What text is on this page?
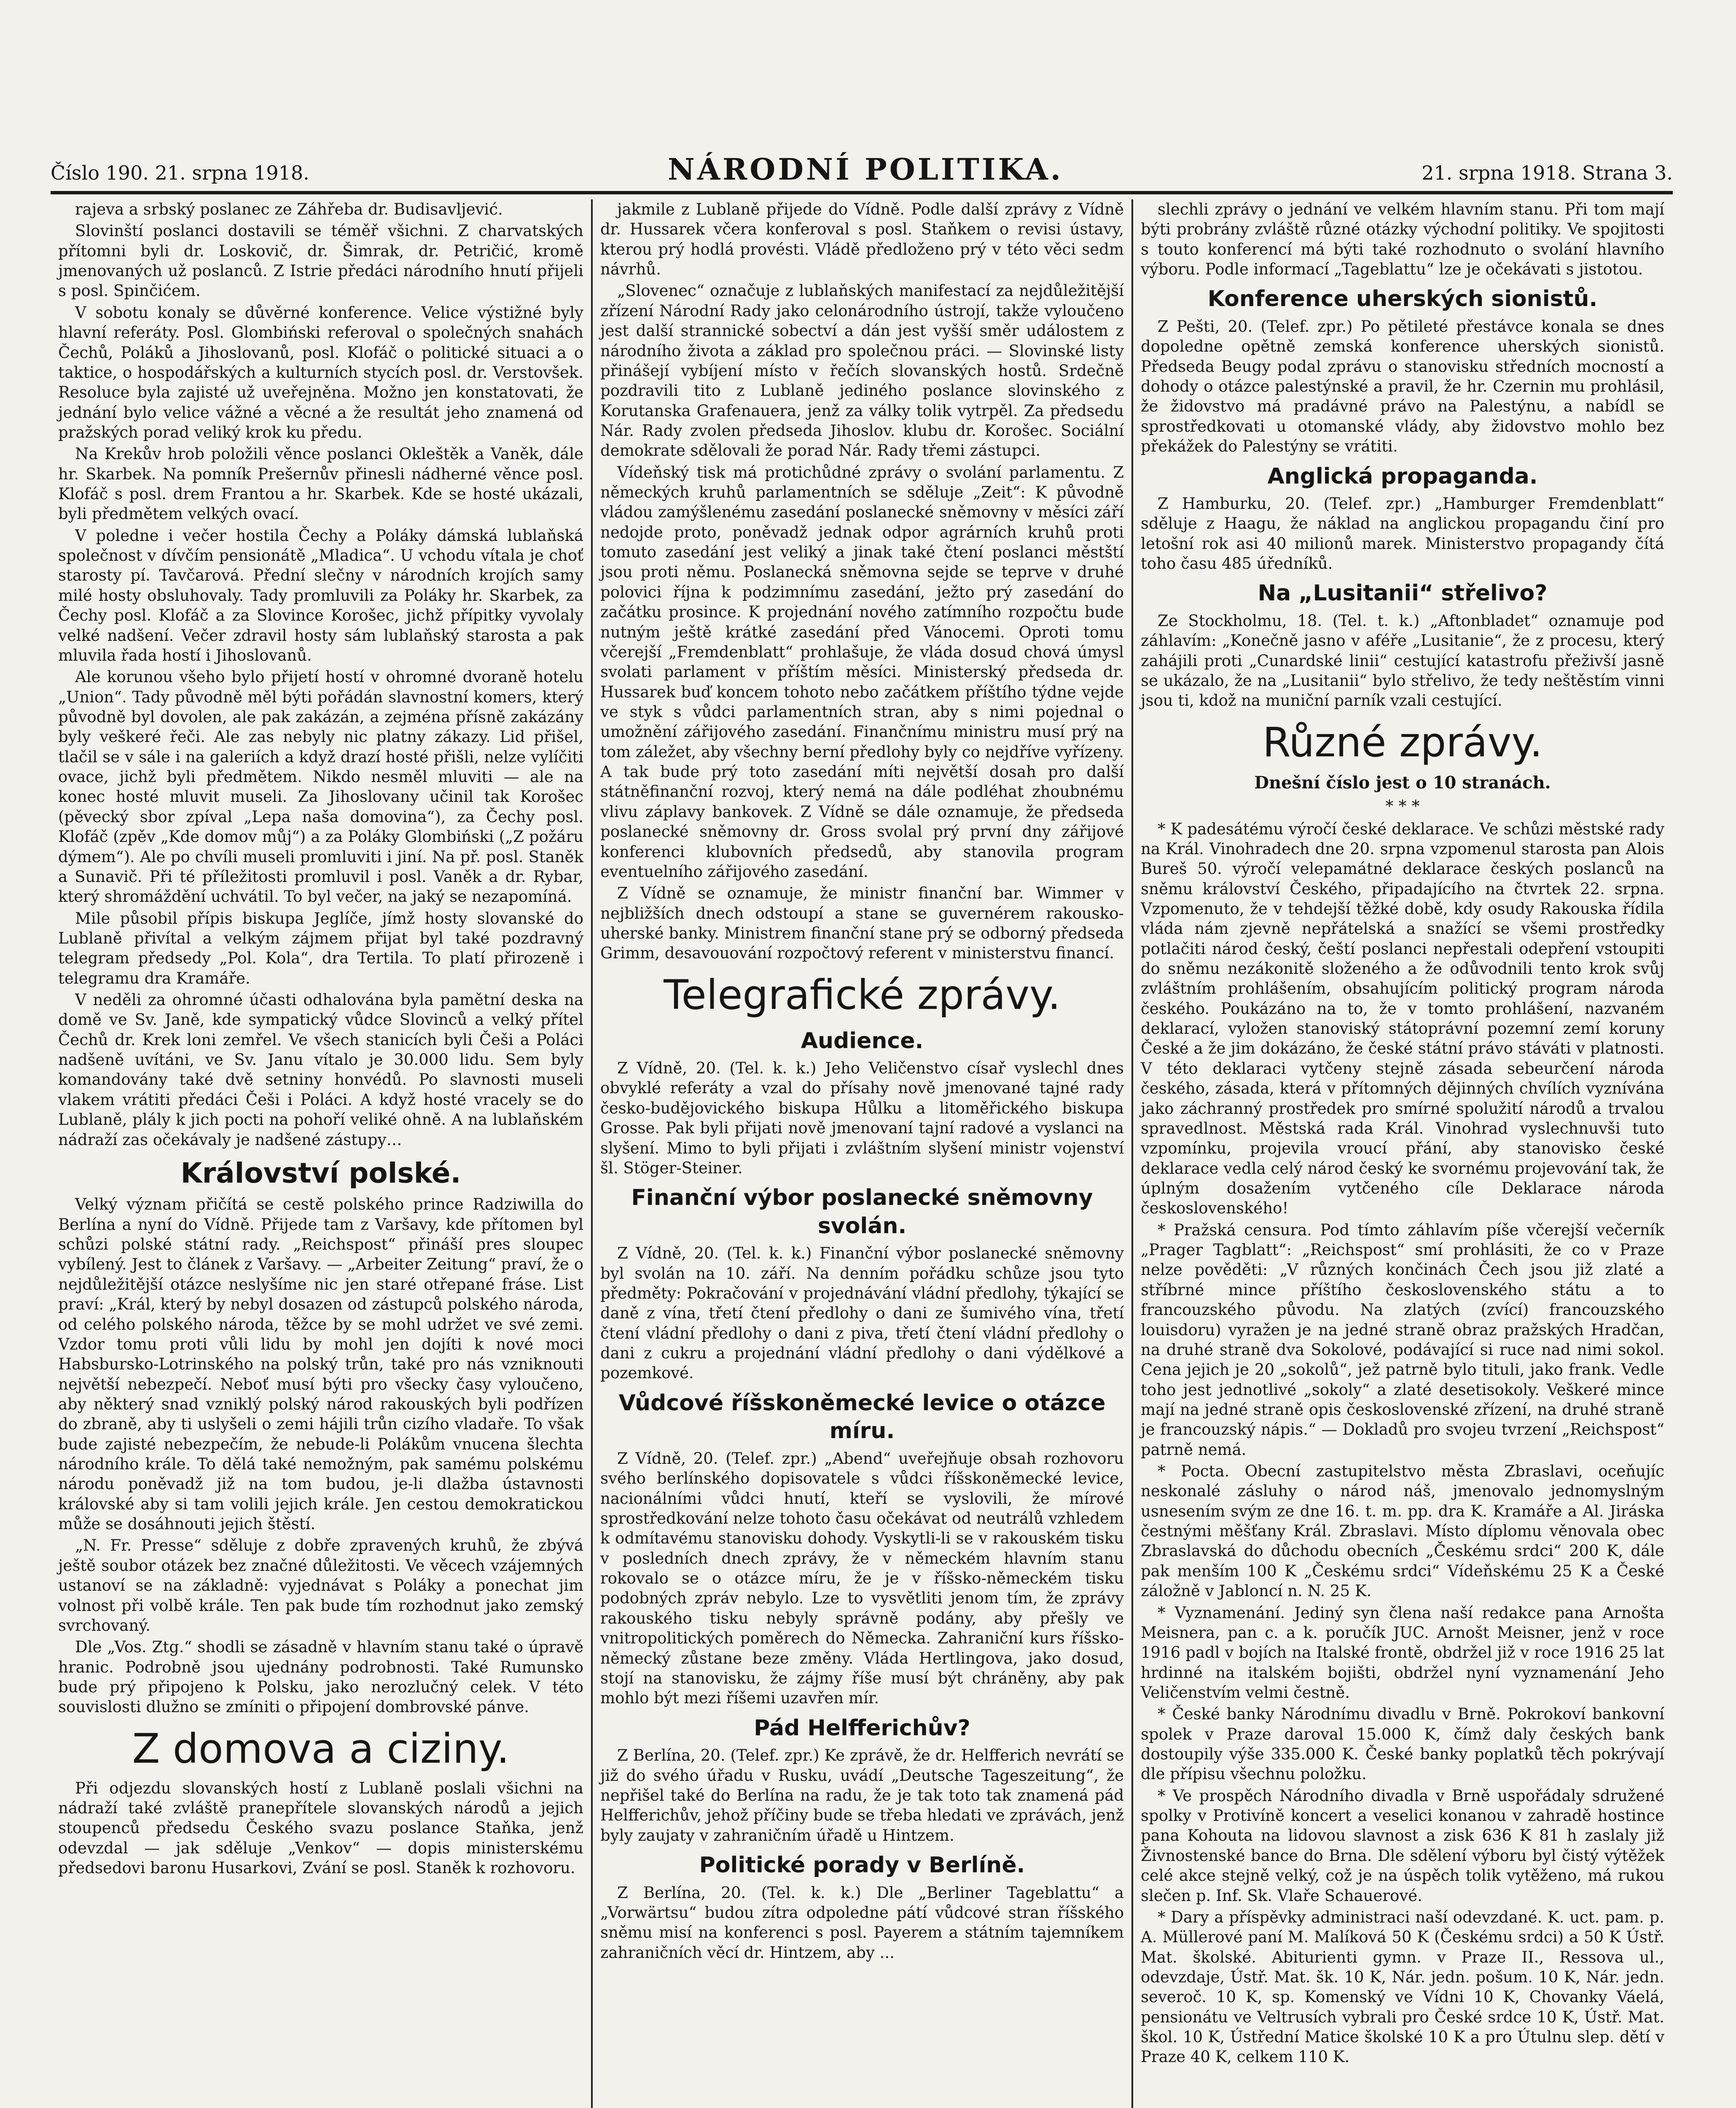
Číslo 190. 21. srpna 1918.	NÁRODNÍ POLITIKA.	21. srpna 1918. Strana 3.

rajeva a srbský poslanec ze Záhřeba dr. Budisavljević.

Slovinští poslanci dostavili se téměř všichni. Z charvatských přítomni byli dr. Loskovič, dr. Šimrak, dr. Petričić, kromě jmenovaných už poslanců. Z Istrie předáci národního hnutí přijeli s posl. Spinčićem.

V sobotu konaly se důvěrné konference. Velice výstižné byly hlavní referáty. Posl. Glombiński referoval o společných snahách Čechů, Poláků a Jihoslovanů, posl. Klofáč o politické situaci a o taktice, o hospodářských a kulturních stycích posl. dr. Verstovšek. Resoluce byla zajisté už uveřejněna. Možno jen konstatovati, že jednání bylo velice vážné a věcné a že resultát jeho znamená od pražských porad veliký krok ku předu.

Na Krekův hrob položili věnce poslanci Okleštěk a Vaněk, dále hr. Skarbek. Na pomník Prešernův přinesli nádherné věnce posl. Klofáč s posl. drem Frantou a hr. Skarbek. Kde se hosté ukázali, byli předmětem velkých ovací.

V poledne i večer hostila Čechy a Poláky dámská lublaňská společnost v dívčím pensionátě „Mladica“. U vchodu vítala je choť starosty pí. Tavčarová. Přední slečny v národních krojích samy milé hosty obsluhovaly. Tady promluvili za Poláky hr. Skarbek, za Čechy posl. Klofáč a za Slovince Korošec, jichž přípitky vyvolaly velké nadšení. Večer zdravil hosty sám lublaňský starosta a pak mluvila řada hostí i Jihoslovanů.

Ale korunou všeho bylo přijetí hostí v ohromné dvoraně hotelu „Union“. Tady původně měl býti pořádán slavnostní komers, který původně byl dovolen, ale pak zakázán, a zejména přísně zakázány byly veškeré řeči. Ale zas nebyly nic platny zákazy. Lid přišel, tlačil se v sále i na galeriích a když drazí hosté přišli, nelze vylíčiti ovace, jichž byli předmětem. Nikdo nesměl mluviti — ale na konec hosté mluvit museli. Za Jihoslovany učinil tak Korošec (pěvecký sbor zpíval „Lepa naša domovina“), za Čechy posl. Klofáč (zpěv „Kde domov můj“) a za Poláky Glombiński („Z požáru dýmem“). Ale po chvíli museli promluviti i jiní. Na př. posl. Staněk a Sunavič. Při té příležitosti promluvil i posl. Vaněk a dr. Rybar, který shromáždění uchvátil. To byl večer, na jaký se nezapomíná.

Mile působil přípis biskupa Jeglíče, jímž hosty slovanské do Lublaně přivítal a velkým zájmem přijat byl také pozdravný telegram předsedy „Pol. Kola“, dra Tertila. To platí přirozeně i telegramu dra Kramáře.

V neděli za ohromné účasti odhalována byla pamětní deska na domě ve Sv. Janě, kde sympatický vůdce Slovinců a velký přítel Čechů dr. Krek loni zemřel. Ve všech stanicích byli Češi a Poláci nadšeně uvítáni, ve Sv. Janu vítalo je 30.000 lidu. Sem byly komandovány také dvě setniny honvédů. Po slavnosti museli vlakem vrátiti předáci Češi i Poláci. A když hosté vracely se do Lublaně, plály k jich pocti na pohoří veliké ohně. A na lublaňském nádraží zas očekávaly je nadšené zástupy…

Království polské.

Velký význam přičítá se cestě polského prince Radziwilla do Berlína a nyní do Vídně. Přijede tam z Varšavy, kde přítomen byl schůzi polské státní rady. „Reichspost“ přináší pres sloupec vybílený. Jest to článek z Varšavy. — „Arbeiter Zeitung“ praví, že o nejdůležitější otázce neslyšíme nic jen staré otřepané fráse. List praví: „Král, který by nebyl dosazen od zástupců polského národa, od celého polského národa, těžce by se mohl udržet ve své zemi. Vzdor tomu proti vůli lidu by mohl jen dojíti k nové moci Habsbursko-Lotrinského na polský trůn, také pro nás vzniknouti největší nebezpečí. Neboť musí býti pro všecky časy vyloučeno, aby některý snad vzniklý polský národ rakouských byli podřízen do zbraně, aby ti uslyšeli o zemi hájili trůn cizího vladaře. To však bude zajisté nebezpečím, že nebude-li Polákům vnucena šlechta národního krále. To dělá také nemožným, pak samému polskému národu poněvadž již na tom budou, je-li dlažba ústavnosti královské aby si tam volili jejich krále. Jen cestou demokratickou může se dosáhnouti jejich štěstí.

„N. Fr. Presse“ sděluje z dobře zpravených kruhů, že zbývá ještě soubor otázek bez značné důležitosti. Ve věcech vzájemných ustanoví se na základně: vyjednávat s Poláky a ponechat jim volnost při volbě krále. Ten pak bude tím rozhodnut jako zemský svrchovaný.

Dle „Vos. Ztg.“ shodli se zásadně v hlavním stanu také o úpravě hranic. Podrobně jsou ujednány podrobnosti. Také Rumunsko bude prý připojeno k Polsku, jako nerozlučný celek. V této souvislosti dlužno se zmíniti o připojení dombrovské pánve.

Z domova a ciziny.

Při odjezdu slovanských hostí z Lublaně poslali všichni na nádraží také zvláště pranepřítele slovanských národů a jejich stoupenců předsedu Českého svazu poslance Staňka, jenž odevzdal — jak sděluje „Venkov“ — dopis ministerskému předsedovi baronu Husarkovi, Zvání se posl. Staněk k rozhovoru.

jakmile z Lublaně přijede do Vídně. Podle další zprávy z Vídně dr. Hussarek včera konferoval s posl. Staňkem o revisi ústavy, kterou prý hodlá provésti. Vládě předloženo prý v této věci sedm návrhů.

„Slovenec“ označuje z lublaňských manifestací za nejdůležitější zřízení Národní Rady jako celonárodního ústrojí, takže vyloučeno jest další strannické sobectví a dán jest vyšší směr událostem z národního života a základ pro společnou práci. — Slovinské listy přinášejí vybíjení místo v řečích slovanských hostů. Srdečně pozdravili tito z Lublaně jediného poslance slovinského z Korutanska Grafenauera, jenž za války tolik vytrpěl. Za předsedu Nár. Rady zvolen předseda Jihoslov. klubu dr. Korošec. Sociální demokrate sdělovali že porad Nár. Rady třemi zástupci.

Vídeňský tisk má protichůdné zprávy o svolání parlamentu. Z německých kruhů parlamentních se sděluje „Zeit“: K původně vládou zamýšlenému zasedání poslanecké sněmovny v měsíci září nedojde proto, poněvadž jednak odpor agrárních kruhů proti tomuto zasedání jest veliký a jinak také čtení poslanci městští jsou proti němu. Poslanecká sněmovna sejde se teprve v druhé polovici října k podzimnímu zasedání, ježto prý zasedání do začátku prosince. K projednání nového zatímního rozpočtu bude nutným ještě krátké zasedání před Vánocemi. Oproti tomu včerejší „Fremdenblatt“ prohlašuje, že vláda dosud chová úmysl svolati parlament v příštím měsíci. Ministerský předseda dr. Hussarek buď koncem tohoto nebo začátkem příštího týdne vejde ve styk s vůdci parlamentních stran, aby s nimi pojednal o umožnění zářijového zasedání. Finančnímu ministru musí prý na tom záležet, aby všechny berní předlohy byly co nejdříve vyřízeny. A tak bude prý toto zasedání míti největší dosah pro další státněfinanční rozvoj, který nemá na dále podléhat zhoubnému vlivu záplavy bankovek. Z Vídně se dále oznamuje, že předseda poslanecké sněmovny dr. Gross svolal prý první dny zářijové konferenci klubovních předsedů, aby stanovila program eventuelního zářijového zasedání.

Z Vídně se oznamuje, že ministr finanční bar. Wimmer v nejbližších dnech odstoupí a stane se guvernérem rakousko-uherské banky. Ministrem finanční stane prý se odborný předseda Grimm, desavouování rozpočtový referent v ministerstvu financí.

Telegrafické zprávy.
Audience.

Z Vídně, 20. (Tel. k. k.) Jeho Veličenstvo císař vyslechl dnes obvyklé referáty a vzal do přísahy nově jmenované tajné rady česko-budějovického biskupa Hůlku a litoměřického biskupa Grosse. Pak byli přijati nově jmenovaní tajní radové a vyslanci na slyšení. Mimo to byli přijati i zvláštním slyšení ministr vojenství šl. Stöger-Steiner.

Finanční výbor poslanecké sněmovny svolán.

Z Vídně, 20. (Tel. k. k.) Finanční výbor poslanecké sněmovny byl svolán na 10. září. Na denním pořádku schůze jsou tyto předměty: Pokračování v projednávání vládní předlohy, týkající se daně z vína, třetí čtení předlohy o dani ze šumivého vína, třetí čtení vládní předlohy o dani z piva, třetí čtení vládní předlohy o dani z cukru a projednání vládní předlohy o dani výdělkové a pozemkové.

Vůdcové říšskoněmecké levice o otázce míru.

Z Vídně, 20. (Telef. zpr.) „Abend“ uveřejňuje obsah rozhovoru svého berlínského dopisovatele s vůdci říšskoněmecké levice, nacionálními vůdci hnutí, kteří se vyslovili, že mírové sprostředkování nelze tohoto času očekávat od neutrálů vzhledem k odmítavému stanovisku dohody. Vyskytli-li se v rakouském tisku v posledních dnech zprávy, že v německém hlavním stanu rokovalo se o otázce míru, že je v říšsko-německém tisku podobných zpráv nebylo. Lze to vysvětliti jenom tím, že zprávy rakouského tisku nebyly správně podány, aby přešly ve vnitropolitických poměrech do Německa. Zahraniční kurs říšsko-německý zůstane beze změny. Vláda Hertlingova, jako dosud, stojí na stanovisku, že zájmy říše musí být chráněny, aby pak mohlo být mezi říšemi uzavřen mír.

Pád Helfferichův?

Z Berlína, 20. (Telef. zpr.) Ke zprávě, že dr. Helfferich nevrátí se již do svého úřadu v Rusku, uvádí „Deutsche Tageszeitung“, že nepřišel také do Berlína na radu, že je tak toto tak znamená pád Helfferichův, jehož příčiny bude se třeba hledati ve zprávách, jenž byly zaujaty v zahraničním úřadě u Hintzem.

Politické porady v Berlíně.

Z Berlína, 20. (Tel. k. k.) Dle „Berliner Tageblattu“ a „Vorwärtsu“ budou zítra odpoledne pátí vůdcové stran říšského sněmu misí na konferenci s posl. Payerem a státním tajemníkem zahraničních věcí dr. Hintzem, aby ...

slechli zprávy o jednání ve velkém hlavním stanu. Při tom mají býti probrány zvláště různé otázky východní politiky. Ve spojitosti s touto konferencí má býti také rozhodnuto o svolání hlavního výboru. Podle informací „Tageblattu“ lze je očekávati s jistotou.

Konference uherských sionistů.

Z Pešti, 20. (Telef. zpr.) Po pětileté přestávce konala se dnes dopoledne opětně zemská konference uherských sionistů. Předseda Beugy podal zprávu o stanovisku středních mocností a dohody o otázce palestýnské a pravil, že hr. Czernin mu prohlásil, že židovstvo má pradávné právo na Palestýnu, a nabídl se sprostředkovati u otomanské vlády, aby židovstvo mohlo bez překážek do Palestýny se vrátiti.

Anglická propaganda.

Z Hamburku, 20. (Telef. zpr.) „Hamburger Fremdenblatt“ sděluje z Haagu, že náklad na anglickou propagandu činí pro letošní rok asi 40 milionů marek. Ministerstvo propagandy čítá toho času 485 úředníků.

Na „Lusitanii“ střelivo?

Ze Stockholmu, 18. (Tel. t. k.) „Aftonbladet“ oznamuje pod záhlavím: „Konečně jasno v aféře „Lusitanie“, že z procesu, který zahájili proti „Cunardské linii“ cestující katastrofu přeživší jasně se ukázalo, že na „Lusitanii“ bylo střelivo, že tedy neštěstím vinni jsou ti, kdož na muniční parník vzali cestující.

Různé zprávy.
Dnešní číslo jest o 10 stranách.
* * *

* K padesátému výročí české deklarace. Ve schůzi městské rady na Král. Vinohradech dne 20. srpna vzpomenul starosta pan Alois Bureš 50. výročí velepamátné deklarace českých poslanců na sněmu království Českého, připadajícího na čtvrtek 22. srpna. Vzpomenuto, že v tehdejší těžké době, kdy osudy Rakouska řídila vláda nám zjevně nepřátelská a snažící se všemi prostředky potlačiti národ český, čeští poslanci nepřestali odepření vstoupiti do sněmu nezákonitě složeného a že odůvodnili tento krok svůj zvláštním prohlášením, obsahujícím politický program národa českého. Poukázáno na to, že v tomto prohlášení, nazvaném deklarací, vyložen stanoviský státoprávní pozemní zemí koruny České a že jim dokázáno, že české státní právo stáváti v platnosti. V této deklaraci vytčeny stejně zásada sebeurčení národa českého, zásada, která v přítomných dějinných chvílích vyznívána jako záchranný prostředek pro smírné spolužití národů a trvalou spravedlnost. Městská rada Král. Vinohrad vyslechnuvši tuto vzpomínku, projevila vroucí přání, aby stanovisko české deklarace vedla celý národ český ke svornému projevování tak, že úplným dosažením vytčeného cíle Deklarace národa československého!

* Pražská censura. Pod tímto záhlavím píše včerejší večerník „Prager Tagblatt“: „Reichspost“ smí prohlásiti, že co v Praze nelze pověděti: „V různých končinách Čech jsou již zlaté a stříbrné mince příštího československého státu a to francouzského původu. Na zlatých (zvící) francouzského louisdoru) vyražen je na jedné straně obraz pražských Hradčan, na druhé straně dva Sokolové, podávající si ruce nad nimi sokol. Cena jejich je 20 „sokolů“, jež patrně bylo tituli, jako frank. Vedle toho jest jednotlivé „sokoly“ a zlaté desetisokoly. Veškeré mince mají na jedné straně opis československé zřízení, na druhé straně je francouzský nápis.“ — Dokladů pro svojeu tvrzení „Reichspost“ patrně nemá.

* Pocta. Obecní zastupitelstvo města Zbraslavi, oceňujíc neskonalé zásluhy o národ náš, jmenovalo jednomyslným usnesením svým ze dne 16. t. m. pp. dra K. Kramáře a Al. Jiráska čestnými měšťany Král. Zbraslavi. Místo díplomu věnovala obec Zbraslavská do důchodu obecních „Českému srdci“ 200 K, dále pak menším 100 K „Českému srdci“ Vídeňskému 25 K a České záložně v Jabloncí n. N. 25 K.

* Vyznamenání. Jediný syn člena naší redakce pana Arnošta Meisnera, pan c. a k. poručík JUC. Arnošt Meisner, jenž v roce 1916 padl v bojích na Italské frontě, obdržel již v roce 1916 25 lat hrdinné na italském bojišti, obdržel nyní vyznamenání Jeho Veličenstvím velmi čestně.

* České banky Národnímu divadlu v Brně. Pokrokoví bankovní spolek v Praze daroval 15.000 K, čímž daly českých bank dostoupily výše 335.000 K. České banky poplatků těch pokrývají dle přípisu všechnu položku.

* Ve prospěch Národního divadla v Brně uspořádaly sdružené spolky v Protivíně koncert a veselici konanou v zahradě hostince pana Kohouta na lidovou slavnost a zisk 636 K 81 h zaslaly již Živnostenské bance do Brna. Dle sdělení výboru byl čistý výtěžek celé akce stejně velký, což je na úspěch tolik vytěženo, má rukou slečen p. Inf. Sk. Vlaře Schauerové.

* Dary a příspěvky administraci naší odevzdané. K. uct. pam. p. A. Müllerové paní M. Malíková 50 K (Českému srdci) a 50 K Ústř. Mat. školské. Abiturienti gymn. v Praze II., Ressova ul., odevzdaje, Ústř. Mat. šk. 10 K, Nár. jedn. pošum. 10 K, Nár. jedn. severoč. 10 K, sp. Komenský ve Vídni 10 K, Chovanky Váelá, pensionátu ve Veltrusích vybrali pro České srdce 10 K, Ústř. Mat. škol. 10 K, Ústřední Matice školské 10 K a pro Útulnu slep. dětí v Praze 40 K, celkem 110 K.
